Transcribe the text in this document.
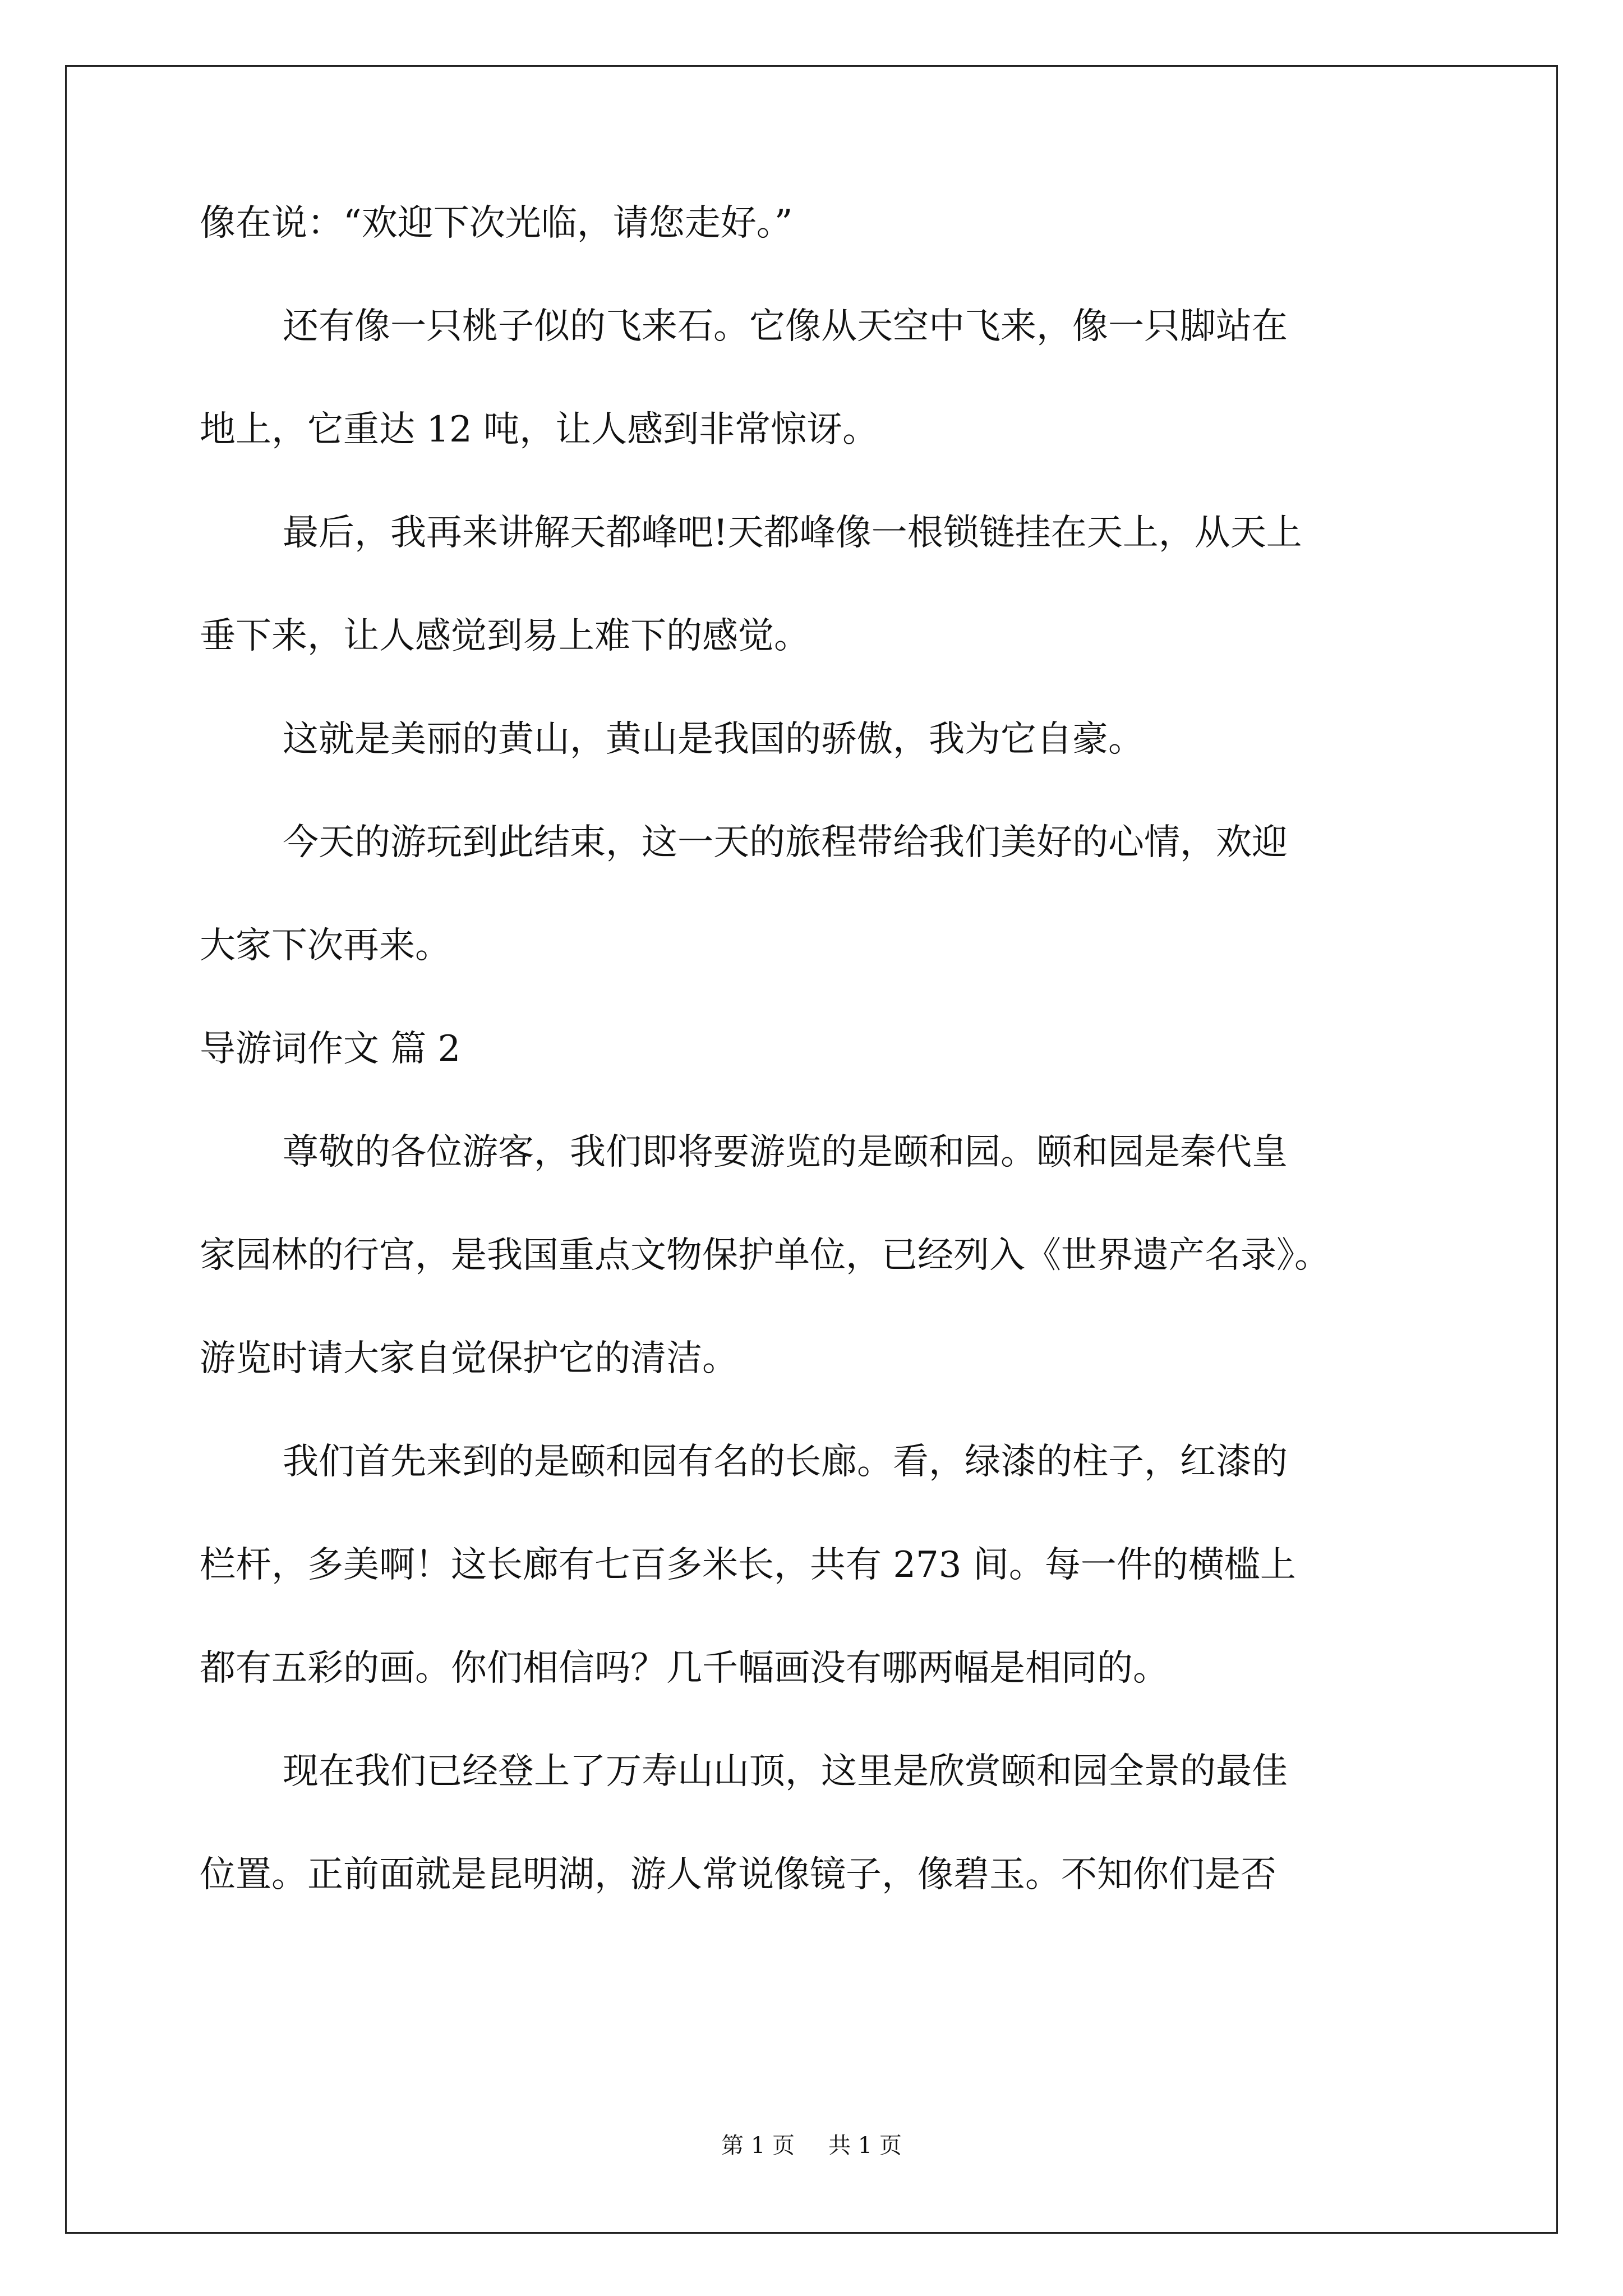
像在说：“欢迎下次光临，请您走好。”
还有像一只桃子似的飞来石。它像从天空中飞来，像一只脚站在
地上，它重达 12 吨，让人感到非常惊讶。
最后，我再来讲解天都峰吧!天都峰像一根锁链挂在天上，从天上
垂下来，让人感觉到易上难下的感觉。
这就是美丽的黄山，黄山是我国的骄傲，我为它自豪。
今天的游玩到此结束，这一天的旅程带给我们美好的心情，欢迎
大家下次再来。
导游词作文 篇 2
尊敬的各位游客，我们即将要游览的是颐和园。颐和园是秦代皇
家园林的行宫，是我国重点文物保护单位，已经列入《世界遗产名录》。
游览时请大家自觉保护它的清洁。
我们首先来到的是颐和园有名的长廊。看，绿漆的柱子，红漆的
栏杆，多美啊！这长廊有七百多米长，共有 273 间。每一件的横槛上
都有五彩的画。你们相信吗？几千幅画没有哪两幅是相同的。
现在我们已经登上了万寿山山顶，这里是欣赏颐和园全景的最佳
位置。正前面就是昆明湖，游人常说像镜子，像碧玉。不知你们是否
第 1 页 共 1 页
